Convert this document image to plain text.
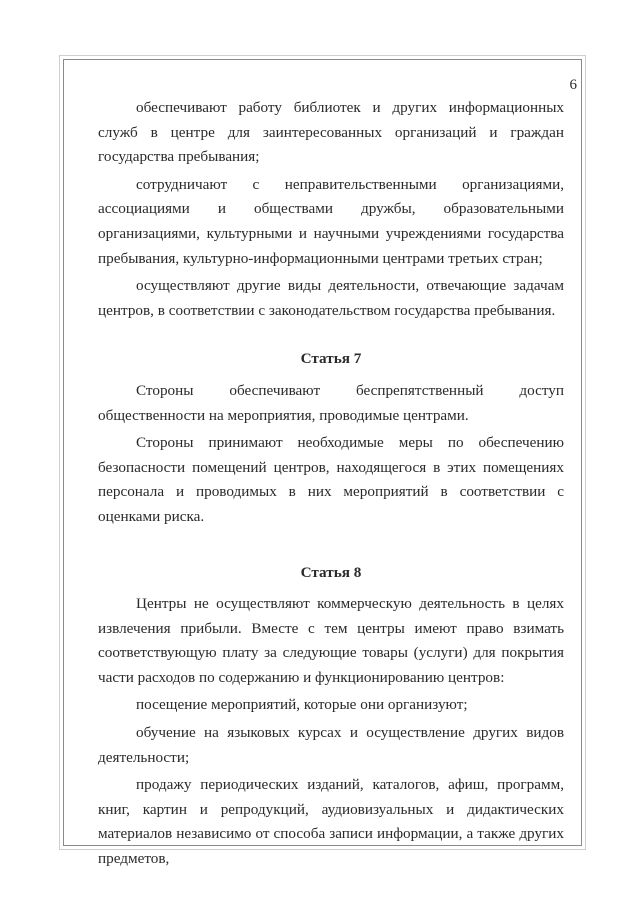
6

обеспечивают работу библиотек и других информационных служб в центре для заинтересованных организаций и граждан государства пребывания;

сотрудничают с неправительственными организациями, ассоциациями и обществами дружбы, образовательными организациями, культурными и научными учреждениями государства пребывания, культурно-информационными центрами третьих стран;

осуществляют другие виды деятельности, отвечающие задачам центров, в соответствии с законодательством государства пребывания.

Статья 7

Стороны обеспечивают беспрепятственный доступ общественности на мероприятия, проводимые центрами.

Стороны принимают необходимые меры по обеспечению безопасности помещений центров, находящегося в этих помещениях персонала и проводимых в них мероприятий в соответствии с оценками риска.

Статья 8

Центры не осуществляют коммерческую деятельность в целях извлечения прибыли. Вместе с тем центры имеют право взимать соответствующую плату за следующие товары (услуги) для покрытия части расходов по содержанию и функционированию центров:

посещение мероприятий, которые они организуют;

обучение на языковых курсах и осуществление других видов деятельности;

продажу периодических изданий, каталогов, афиш, программ, книг, картин и репродукций, аудиовизуальных и дидактических материалов независимо от способа записи информации, а также других предметов,
